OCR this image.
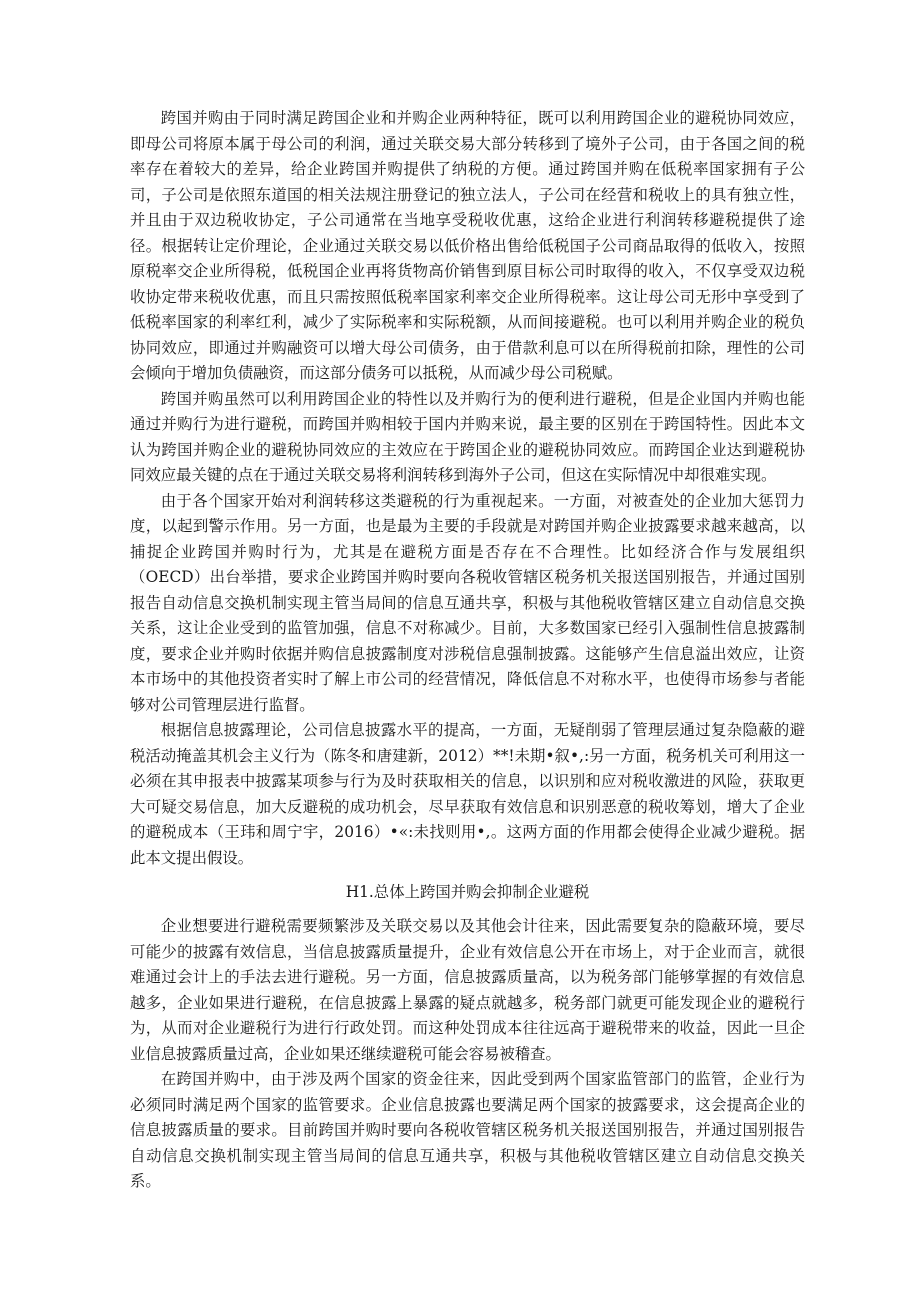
跨国并购由于同时满足跨国企业和并购企业两种特征，既可以利用跨国企业的避税协同效应，即母公司将原本属于母公司的利润，通过关联交易大部分转移到了境外子公司，由于各国之间的税率存在着较大的差异，给企业跨国并购提供了纳税的方便。通过跨国并购在低税率国家拥有子公司，子公司是依照东道国的相关法规注册登记的独立法人，子公司在经营和税收上的具有独立性，并且由于双边税收协定，子公司通常在当地享受税收优惠，这给企业进行利润转移避税提供了途径。根据转让定价理论，企业通过关联交易以低价格出售给低税国子公司商品取得的低收入，按照原税率交企业所得税，低税国企业再将货物高价销售到原目标公司时取得的收入，不仅享受双边税收协定带来税收优惠，而且只需按照低税率国家利率交企业所得税率。这让母公司无形中享受到了低税率国家的利率红利，减少了实际税率和实际税额，从而间接避税。也可以利用并购企业的税负协同效应，即通过并购融资可以增大母公司债务，由于借款利息可以在所得税前扣除，理性的公司会倾向于增加负债融资，而这部分债务可以抵税，从而减少母公司税赋。

跨国并购虽然可以利用跨国企业的特性以及并购行为的便利进行避税，但是企业国内并购也能通过并购行为进行避税，而跨国并购相较于国内并购来说，最主要的区别在于跨国特性。因此本文认为跨国并购企业的避税协同效应的主效应在于跨国企业的避税协同效应。而跨国企业达到避税协同效应最关键的点在于通过关联交易将利润转移到海外子公司，但这在实际情况中却很难实现。

由于各个国家开始对利润转移这类避税的行为重视起来。一方面，对被查处的企业加大惩罚力度，以起到警示作用。另一方面，也是最为主要的手段就是对跨国并购企业披露要求越来越高，以捕捉企业跨国并购时行为，尤其是在避税方面是否存在不合理性。比如经济合作与发展组织（OECD）出台举措，要求企业跨国并购时要向各税收管辖区税务机关报送国别报告，并通过国别报告自动信息交换机制实现主管当局间的信息互通共享，积极与其他税收管辖区建立自动信息交换关系，这让企业受到的监管加强，信息不对称减少。目前，大多数国家已经引入强制性信息披露制度，要求企业并购时依据并购信息披露制度对涉税信息强制披露。这能够产生信息溢出效应，让资本市场中的其他投资者实时了解上市公司的经营情况，降低信息不对称水平，也使得市场参与者能够对公司管理层进行监督。

根据信息披露理论，公司信息披露水平的提高，一方面，无疑削弱了管理层通过复杂隐蔽的避税活动掩盖其机会主义行为（陈冬和唐建新，2012）**!未期•叙•,:另一方面，税务机关可利用这一必须在其申报表中披露某项参与行为及时获取相关的信息，以识别和应对税收激进的风险，获取更大可疑交易信息，加大反避税的成功机会，尽早获取有效信息和识别恶意的税收筹划，增大了企业的避税成本（王玮和周宁宇，2016）•«:未找则用•,。这两方面的作用都会使得企业减少避税。据此本文提出假设。

H1.总体上跨国并购会抑制企业避税

企业想要进行避税需要频繁涉及关联交易以及其他会计往来，因此需要复杂的隐蔽环境，要尽可能少的披露有效信息，当信息披露质量提升，企业有效信息公开在市场上，对于企业而言，就很难通过会计上的手法去进行避税。另一方面，信息披露质量高，以为税务部门能够掌握的有效信息越多，企业如果进行避税，在信息披露上暴露的疑点就越多，税务部门就更可能发现企业的避税行为，从而对企业避税行为进行行政处罚。而这种处罚成本往往远高于避税带来的收益，因此一旦企业信息披露质量过高，企业如果还继续避税可能会容易被稽查。

在跨国并购中，由于涉及两个国家的资金往来，因此受到两个国家监管部门的监管，企业行为必须同时满足两个国家的监管要求。企业信息披露也要满足两个国家的披露要求，这会提高企业的信息披露质量的要求。目前跨国并购时要向各税收管辖区税务机关报送国别报告，并通过国别报告自动信息交换机制实现主管当局间的信息互通共享，积极与其他税收管辖区建立自动信息交换关系。
